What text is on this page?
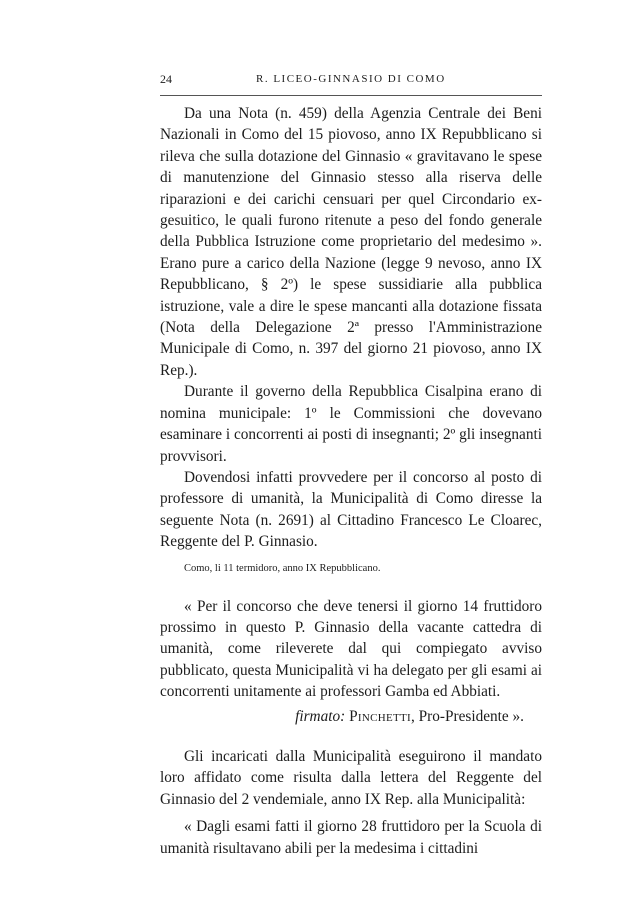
24	R. LICEO-GINNASIO DI COMO

Da una Nota (n. 459) della Agenzia Centrale dei Beni Nazionali in Como del 15 piovoso, anno IX Repubblicano si rileva che sulla dotazione del Ginnasio « gravitavano le spese di manutenzione del Ginnasio stesso alla riserva delle riparazioni e dei carichi censuari per quel Circondario ex-gesuitico, le quali furono ritenute a peso del fondo generale della Pubblica Istruzione come proprietario del medesimo ». Erano pure a carico della Nazione (legge 9 nevoso, anno IX Repubblicano, § 2º) le spese sussidiarie alla pubblica istruzione, vale a dire le spese mancanti alla dotazione fissata (Nota della Delegazione 2ª presso l'Amministrazione Municipale di Como, n. 397 del giorno 21 piovoso, anno IX Rep.).

Durante il governo della Repubblica Cisalpina erano di nomina municipale: 1º le Commissioni che dovevano esaminare i concorrenti ai posti di insegnanti; 2º gli insegnanti provvisori.

Dovendosi infatti provvedere per il concorso al posto di professore di umanità, la Municipalità di Como diresse la seguente Nota (n. 2691) al Cittadino Francesco Le Cloarec, Reggente del P. Ginnasio.

Como, li 11 termidoro, anno IX Repubblicano.

« Per il concorso che deve tenersi il giorno 14 fruttidoro prossimo in questo P. Ginnasio della vacante cattedra di umanità, come rileverete dal qui compiegato avviso pubblicato, questa Municipalità vi ha delegato per gli esami ai concorrenti unitamente ai professori Gamba ed Abbiati.

firmato: Pinchetti, Pro-Presidente ».

Gli incaricati dalla Municipalità eseguirono il mandato loro affidato come risulta dalla lettera del Reggente del Ginnasio del 2 vendemiale, anno IX Rep. alla Municipalità:

« Dagli esami fatti il giorno 28 fruttidoro per la Scuola di umanità risultavano abili per la medesima i cittadini
